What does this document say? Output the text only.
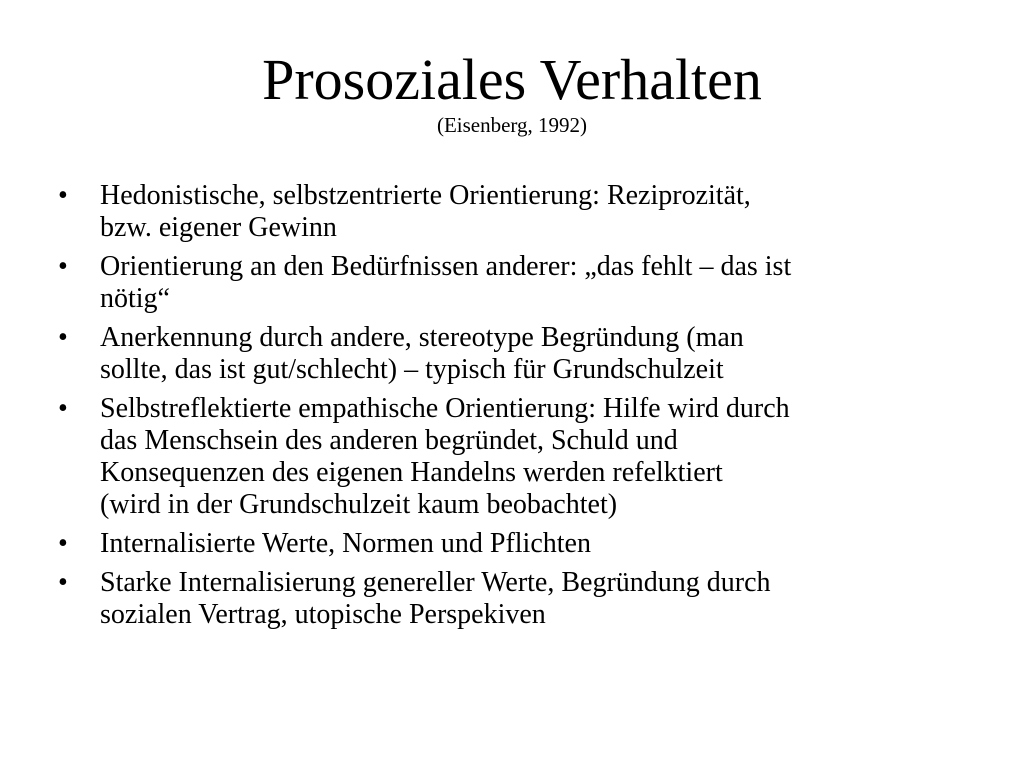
Prosoziales Verhalten
(Eisenberg, 1992)
• Hedonistische, selbstzentrierte Orientierung: Reziprozität,
bzw. eigener Gewinn
• Orientierung an den Bedürfnissen anderer: „das fehlt – das ist
nötig“
• Anerkennung durch andere, stereotype Begründung (man
sollte, das ist gut/schlecht) – typisch für Grundschulzeit
• Selbstreflektierte empathische Orientierung: Hilfe wird durch
das Menschsein des anderen begründet, Schuld und
Konsequenzen des eigenen Handelns werden refelktiert
(wird in der Grundschulzeit kaum beobachtet)
• Internalisierte Werte, Normen und Pflichten
• Starke Internalisierung genereller Werte, Begründung durch
sozialen Vertrag, utopische Perspekiven
